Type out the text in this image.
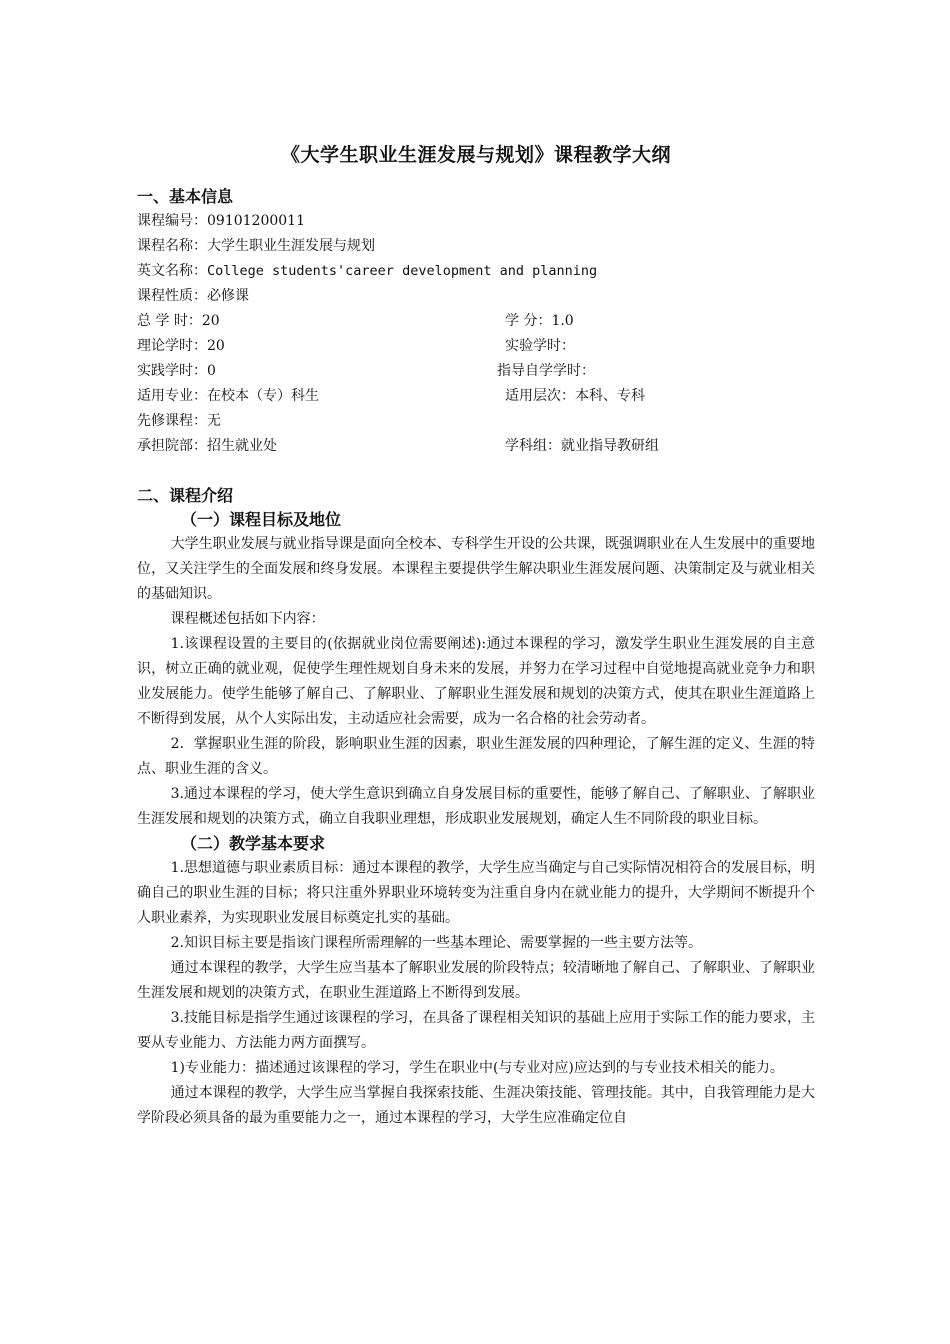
《大学生职业生涯发展与规划》课程教学大纲
一、基本信息
课程编号：09101200011
课程名称：大学生职业生涯发展与规划
英文名称：College students'career development and planning
课程性质：必修课
总 学 时：20	学 分：1.0
理论学时：20	实验学时：
实践学时：0	指导自学学时：
适用专业：在校本（专）科生	适用层次：本科、专科
先修课程：无
承担院部：招生就业处	学科组：就业指导教研组
二、课程介绍
（一）课程目标及地位

大学生职业发展与就业指导课是面向全校本、专科学生开设的公共课，既强调职业在人生发展中的重要地位，又关注学生的全面发展和终身发展。本课程主要提供学生解决职业生涯发展问题、决策制定及与就业相关的基础知识。

课程概述包括如下内容：

1.该课程设置的主要目的(依据就业岗位需要阐述):通过本课程的学习，激发学生职业生涯发展的自主意识，树立正确的就业观，促使学生理性规划自身未来的发展，并努力在学习过程中自觉地提高就业竞争力和职业发展能力。使学生能够了解自己、了解职业、了解职业生涯发展和规划的决策方式，使其在职业生涯道路上不断得到发展，从个人实际出发，主动适应社会需要，成为一名合格的社会劳动者。

2．掌握职业生涯的阶段，影响职业生涯的因素，职业生涯发展的四种理论，了解生涯的定义、生涯的特点、职业生涯的含义。

3.通过本课程的学习，使大学生意识到确立自身发展目标的重要性，能够了解自己、了解职业、了解职业生涯发展和规划的决策方式，确立自我职业理想，形成职业发展规划，确定人生不同阶段的职业目标。

（二）教学基本要求

1.思想道德与职业素质目标：通过本课程的教学，大学生应当确定与自己实际情况相符合的发展目标，明确自己的职业生涯的目标；将只注重外界职业环境转变为注重自身内在就业能力的提升，大学期间不断提升个人职业素养，为实现职业发展目标奠定扎实的基础。

2.知识目标主要是指该门课程所需理解的一些基本理论、需要掌握的一些主要方法等。

通过本课程的教学，大学生应当基本了解职业发展的阶段特点；较清晰地了解自己、了解职业、了解职业生涯发展和规划的决策方式，在职业生涯道路上不断得到发展。

3.技能目标是指学生通过该课程的学习，在具备了课程相关知识的基础上应用于实际工作的能力要求，主要从专业能力、方法能力两方面撰写。

1)专业能力：描述通过该课程的学习，学生在职业中(与专业对应)应达到的与专业技术相关的能力。

通过本课程的教学，大学生应当掌握自我探索技能、生涯决策技能、管理技能。其中，自我管理能力是大学阶段必须具备的最为重要能力之一，通过本课程的学习，大学生应准确定位自
